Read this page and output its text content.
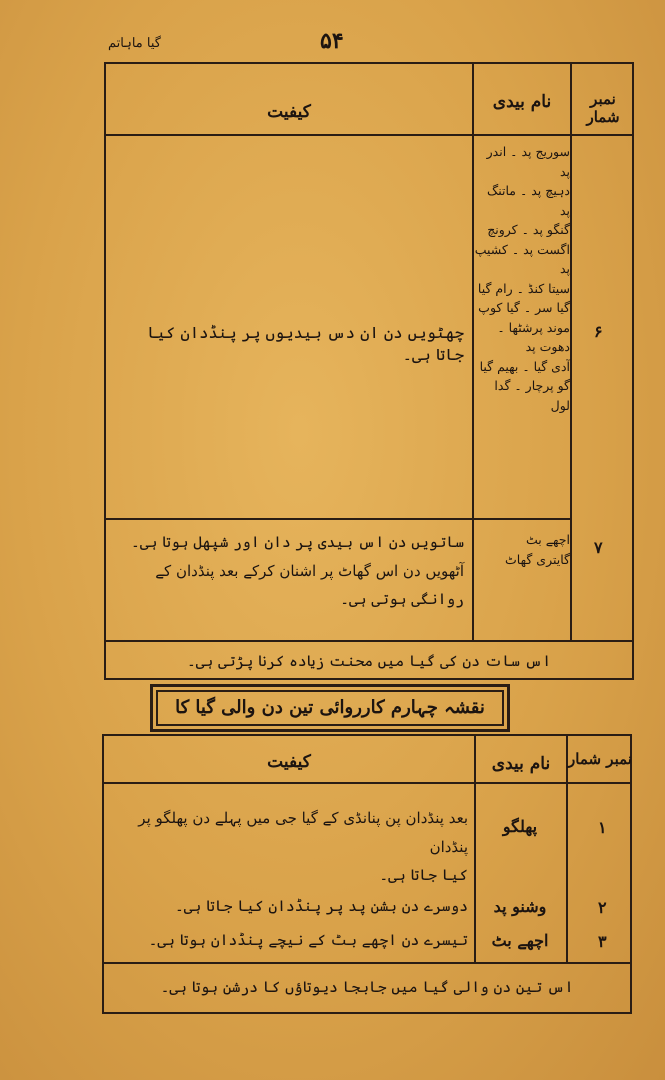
گیا ماہاتم	۵۴
نمبر شمار
نام بیدی
کیفیت
۶
سوریج پد ۔ اندر پد
دہیچ پد ۔ ماتنگ پد
گنگو پد ۔ کرونچ
اگست پد ۔ کشیپ پد
سیتا کنڈ ۔ رام گیا
گیا سر ۔ گیا کوپ
موند پرشٹھا ۔ دھوت پد
آدی گیا ۔ بھیم گیا
گو پرچار ۔ گدا لول
چھٹویں دن ان دس بیدیوں پر پنڈدان کیا جاتا ہی۔
۷
اچھے بٹ
گایتری گھاٹ
ساتویں دن اس بیدی پر دان اور شپھل ہوتا ہی۔
آٹھویں دن اس گھاٹ پر اشنان کرکے بعد پنڈدان کے
روانگی ہوتی ہی۔
اس سات دن کی گیا میں محنت زیادہ کرنا پڑتی ہی۔
نقشہ چہارم کارروائی تین دن والی گیا کا
نمبر شمار
نام بیدی
کیفیت
۱
پھلگو
بعد پنڈدان پن پنانڈی کے گیا جی میں پہلے دن پھلگو پر پنڈدان
کیا جاتا ہی۔
۲
وشنو پد
دوسرے دن بشن پد پر پنڈدان کیا جاتا ہی۔
۳
اچھے بٹ
تیسرے دن اچھے بٹ کے نیچے پنڈدان ہوتا ہی۔
اس تین دن والی گیا میں جابجا دیوتاؤں کا درشن ہوتا ہی۔
